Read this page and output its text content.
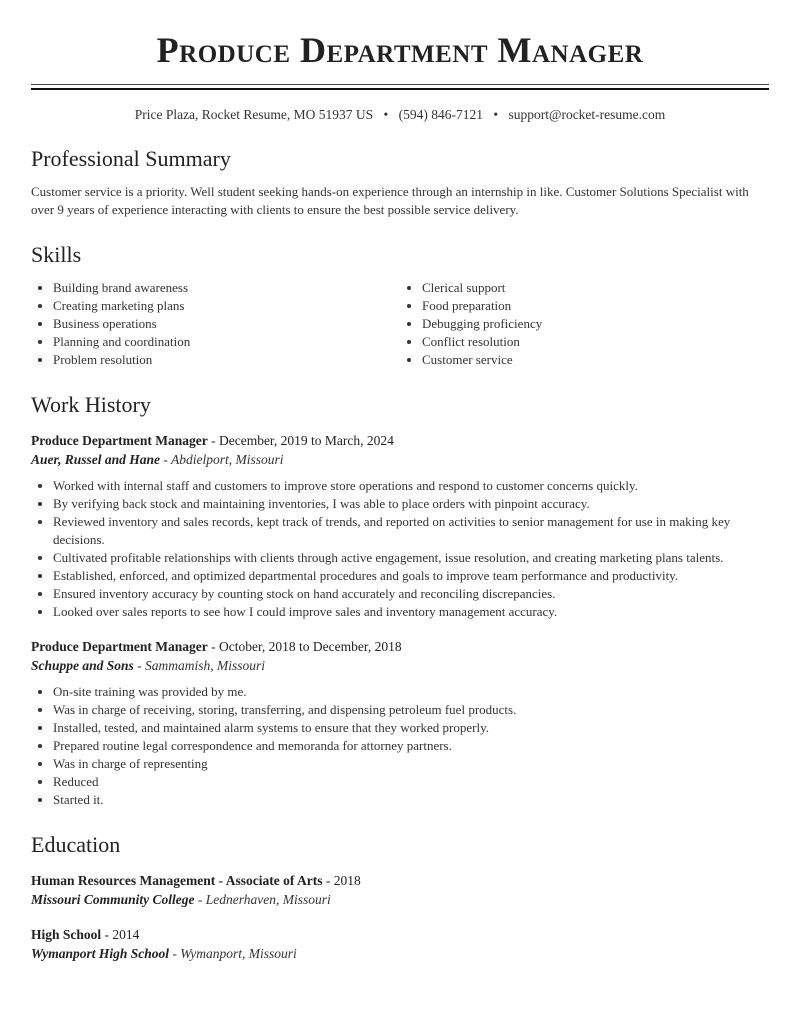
Produce Department Manager
Price Plaza, Rocket Resume, MO 51937 US • (594) 846-7121 • support@rocket-resume.com
Professional Summary
Customer service is a priority. Well student seeking hands-on experience through an internship in like. Customer Solutions Specialist with over 9 years of experience interacting with clients to ensure the best possible service delivery.
Skills
• Building brand awareness
• Creating marketing plans
• Business operations
• Planning and coordination
• Problem resolution
• Clerical support
• Food preparation
• Debugging proficiency
• Conflict resolution
• Customer service
Work History
Produce Department Manager - December, 2019 to March, 2024
Auer, Russel and Hane - Abdielport, Missouri
• Worked with internal staff and customers to improve store operations and respond to customer concerns quickly.
• By verifying back stock and maintaining inventories, I was able to place orders with pinpoint accuracy.
• Reviewed inventory and sales records, kept track of trends, and reported on activities to senior management for use in making key decisions.
• Cultivated profitable relationships with clients through active engagement, issue resolution, and creating marketing plans talents.
• Established, enforced, and optimized departmental procedures and goals to improve team performance and productivity.
• Ensured inventory accuracy by counting stock on hand accurately and reconciling discrepancies.
• Looked over sales reports to see how I could improve sales and inventory management accuracy.
Produce Department Manager - October, 2018 to December, 2018
Schuppe and Sons - Sammamish, Missouri
• On-site training was provided by me.
• Was in charge of receiving, storing, transferring, and dispensing petroleum fuel products.
• Installed, tested, and maintained alarm systems to ensure that they worked properly.
• Prepared routine legal correspondence and memoranda for attorney partners.
• Was in charge of representing
• Reduced
• Started it.
Education
Human Resources Management - Associate of Arts - 2018
Missouri Community College - Lednerhaven, Missouri
High School - 2014
Wymanport High School - Wymanport, Missouri
